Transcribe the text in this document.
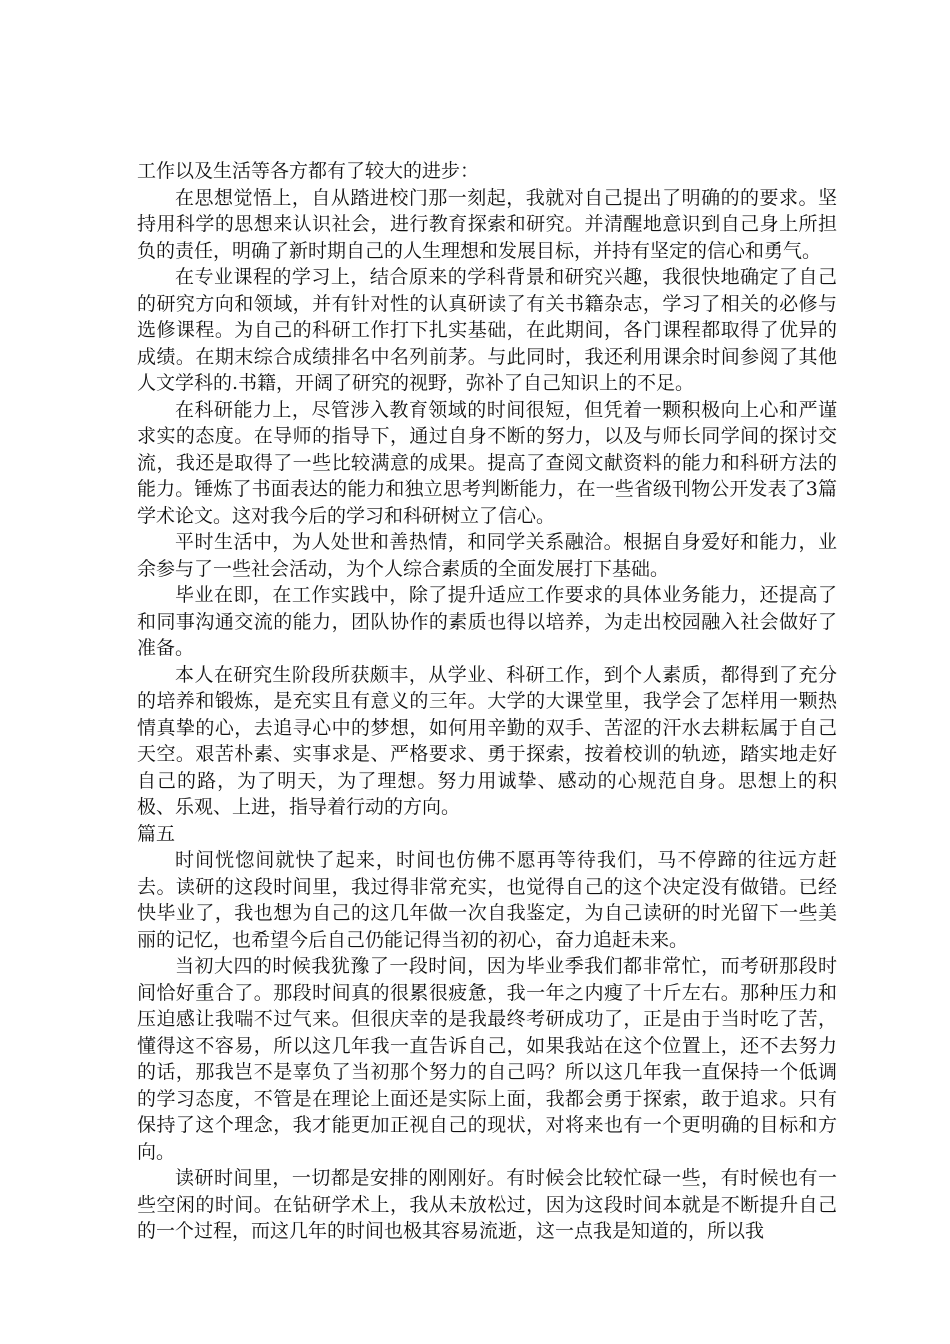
工作以及生活等各方都有了较大的进步：

在思想觉悟上，自从踏进校门那一刻起，我就对自己提出了明确的的要求。坚持用科学的思想来认识社会，进行教育探索和研究。并清醒地意识到自己身上所担负的责任，明确了新时期自己的人生理想和发展目标，并持有坚定的信心和勇气。

在专业课程的学习上，结合原来的学科背景和研究兴趣，我很快地确定了自己的研究方向和领域，并有针对性的认真研读了有关书籍杂志，学习了相关的必修与选修课程。为自己的科研工作打下扎实基础，在此期间，各门课程都取得了优异的成绩。在期末综合成绩排名中名列前茅。与此同时，我还利用课余时间参阅了其他人文学科的.书籍，开阔了研究的视野，弥补了自己知识上的不足。

在科研能力上，尽管涉入教育领域的时间很短，但凭着一颗积极向上心和严谨求实的态度。在导师的指导下，通过自身不断的努力，以及与师长同学间的探讨交流，我还是取得了一些比较满意的成果。提高了查阅文献资料的能力和科研方法的能力。锤炼了书面表达的能力和独立思考判断能力，在一些省级刊物公开发表了3篇学术论文。这对我今后的学习和科研树立了信心。

平时生活中，为人处世和善热情，和同学关系融洽。根据自身爱好和能力，业余参与了一些社会活动，为个人综合素质的全面发展打下基础。

毕业在即，在工作实践中，除了提升适应工作要求的具体业务能力，还提高了和同事沟通交流的能力，团队协作的素质也得以培养，为走出校园融入社会做好了准备。

本人在研究生阶段所获颇丰，从学业、科研工作，到个人素质，都得到了充分的培养和锻炼，是充实且有意义的三年。大学的大课堂里，我学会了怎样用一颗热情真挚的心，去追寻心中的梦想，如何用辛勤的双手、苦涩的汗水去耕耘属于自己天空。艰苦朴素、实事求是、严格要求、勇于探索，按着校训的轨迹，踏实地走好自己的路，为了明天，为了理想。努力用诚挚、感动的心规范自身。思想上的积极、乐观、上进，指导着行动的方向。

篇五

时间恍惚间就快了起来，时间也仿佛不愿再等待我们，马不停蹄的往远方赶去。读研的这段时间里，我过得非常充实，也觉得自己的这个决定没有做错。已经快毕业了，我也想为自己的这几年做一次自我鉴定，为自己读研的时光留下一些美丽的记忆，也希望今后自己仍能记得当初的初心，奋力追赶未来。

当初大四的时候我犹豫了一段时间，因为毕业季我们都非常忙，而考研那段时间恰好重合了。那段时间真的很累很疲惫，我一年之内瘦了十斤左右。那种压力和压迫感让我喘不过气来。但很庆幸的是我最终考研成功了，正是由于当时吃了苦，懂得这不容易，所以这几年我一直告诉自己，如果我站在这个位置上，还不去努力的话，那我岂不是辜负了当初那个努力的自己吗？所以这几年我一直保持一个低调的学习态度，不管是在理论上面还是实际上面，我都会勇于探索，敢于追求。只有保持了这个理念，我才能更加正视自己的现状，对将来也有一个更明确的目标和方向。

读研时间里，一切都是安排的刚刚好。有时候会比较忙碌一些，有时候也有一些空闲的时间。在钻研学术上，我从未放松过，因为这段时间本就是不断提升自己的一个过程，而这几年的时间也极其容易流逝，这一点我是知道的，所以我
